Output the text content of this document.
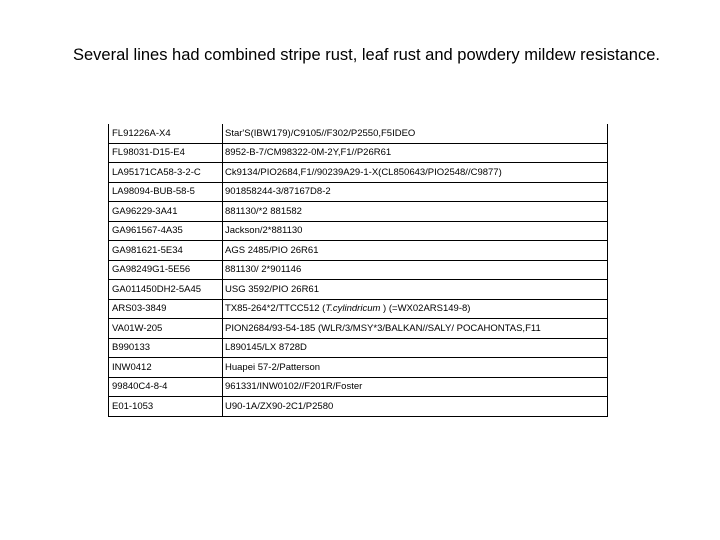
Several lines had combined stripe rust, leaf rust and powdery mildew resistance.

FL91226A-X4	Star'S(IBW179)/C9105//F302/P2550,F5IDEO
FL98031-D15-E4	8952-B-7/CM98322-0M-2Y,F1//P26R61
LA95171CA58-3-2-C	Ck9134/PIO2684,F1//90239A29-1-X(CL850643/PIO2548//C9877)
LA98094-BUB-58-5	901858244-3/87167D8-2
GA96229-3A41	881130/*2 881582
GA961567-4A35	Jackson/2*881130
GA981621-5E34	AGS 2485/PIO 26R61
GA98249G1-5E56	881130/ 2*901146
GA011450DH2-5A45	USG 3592/PIO 26R61
ARS03-3849	TX85-264*2/TTCC512 (T.cylindricum ) (=WX02ARS149-8)
VA01W-205	PION2684/93-54-185 (WLR/3/MSY*3/BALKAN//SALY/ POCAHONTAS,F11
B990133	L890145/LX 8728D
INW0412	Huapei 57-2/Patterson
99840C4-8-4	961331/INW0102//F201R/Foster
E01-1053	U90-1A/ZX90-2C1/P2580
